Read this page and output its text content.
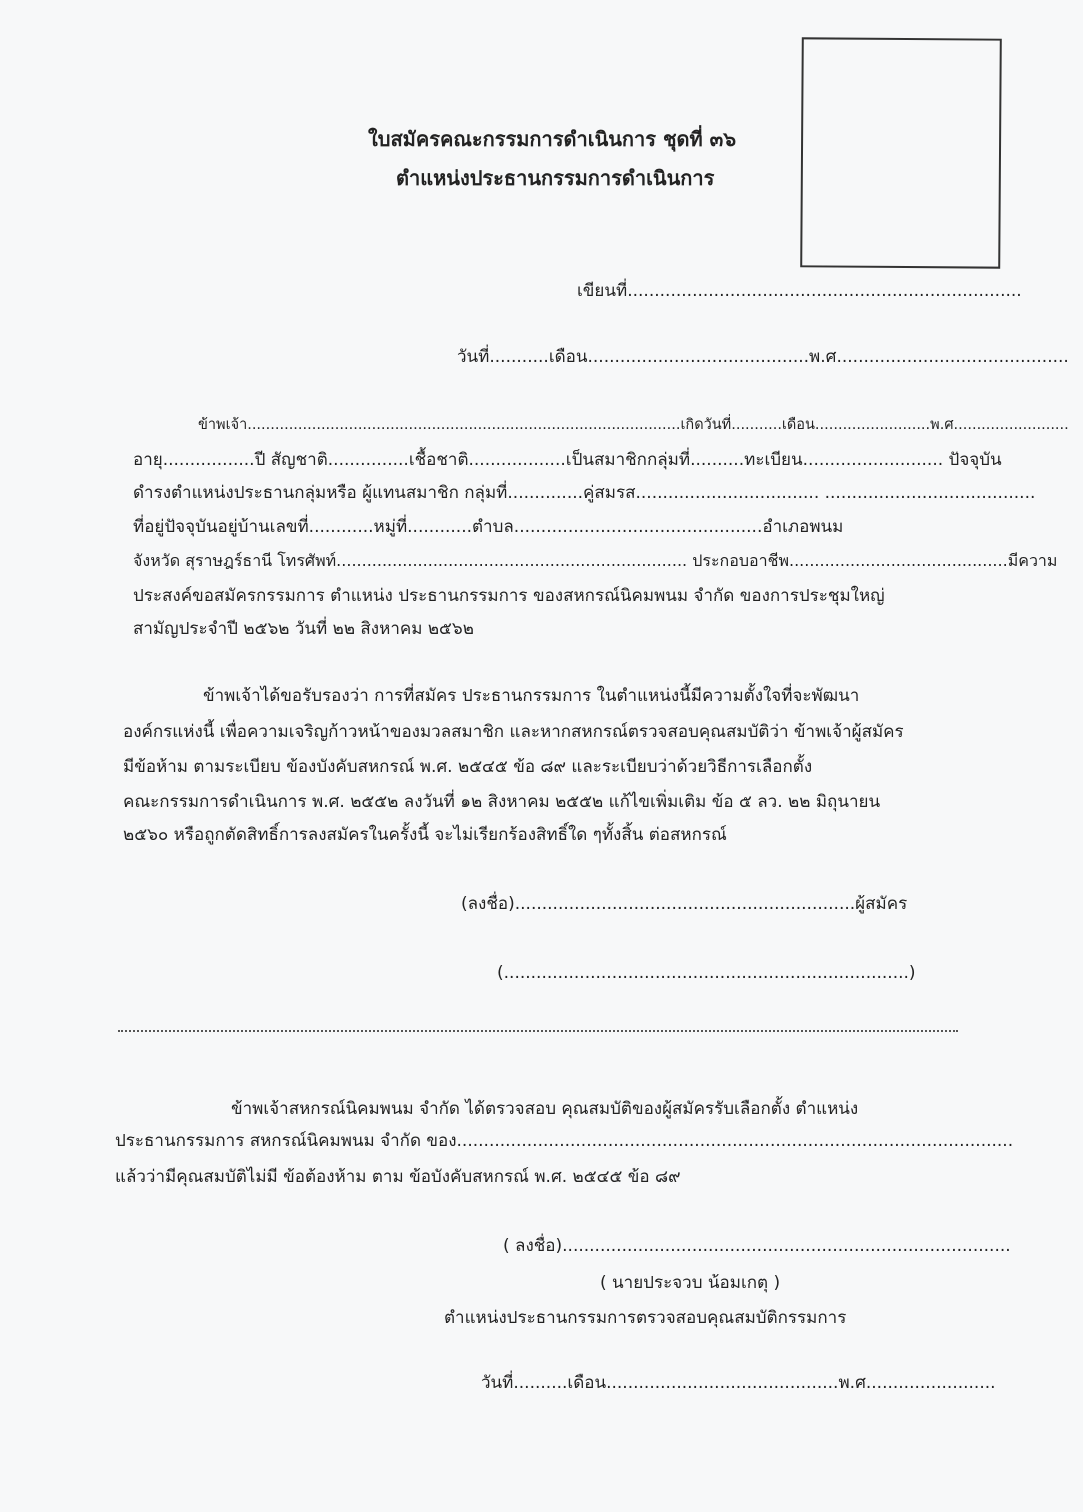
ใบสมัครคณะกรรมการดำเนินการ ชุดที่ ๓๖
ตำแหน่งประธานกรรมการดำเนินการ
เขียนที่.........................................................................
วันที่...........เดือน.........................................พ.ศ...........................................
ข้าพเจ้า..............................................................................................เกิดวันที่...........เดือน.........................พ.ศ.........................
อายุ.................ปี สัญชาติ...............เชื้อชาติ..................เป็นสมาชิกกลุ่มที่..........ทะเบียน.......................... ปัจจุบัน
ดำรงตำแหน่งประธานกลุ่มหรือ ผู้แทนสมาชิก กลุ่มที่..............คู่สมรส.................................. .......................................
ที่อยู่ปัจจุบันอยู่บ้านเลขที่............หมู่ที่............ตำบล..............................................อำเภอพนม
จังหวัด สุราษฎร์ธานี โทรศัพท์..................................................................... ประกอบอาชีพ...........................................มีความ
ประสงค์ขอสมัครกรรมการ ตำแหน่ง ประธานกรรมการ ของสหกรณ์นิคมพนม จำกัด ของการประชุมใหญ่
สามัญประจำปี ๒๕๖๒ วันที่ ๒๒ สิงหาคม ๒๕๖๒
ข้าพเจ้าได้ขอรับรองว่า การที่สมัคร ประธานกรรมการ ในตำแหน่งนี้มีความตั้งใจที่จะพัฒนา
องค์กรแห่งนี้ เพื่อความเจริญก้าวหน้าของมวลสมาชิก และหากสหกรณ์ตรวจสอบคุณสมบัติว่า ข้าพเจ้าผู้สมัคร
มีข้อห้าม ตามระเบียบ ข้องบังคับสหกรณ์ พ.ศ. ๒๕๔๕ ข้อ ๘๙ และระเบียบว่าด้วยวิธีการเลือกตั้ง
คณะกรรมการดำเนินการ พ.ศ. ๒๕๕๒ ลงวันที่ ๑๒ สิงหาคม ๒๕๕๒ แก้ไขเพิ่มเติม ข้อ ๕ ลว. ๒๒ มิถุนายน
๒๕๖๐ หรือถูกตัดสิทธิ์การลงสมัครในครั้งนี้ จะไม่เรียกร้องสิทธิ์ใด ๆทั้งสิ้น ต่อสหกรณ์
(ลงชื่อ)...............................................................ผู้สมัคร
(...........................................................................)
ข้าพเจ้าสหกรณ์นิคมพนม จำกัด ได้ตรวจสอบ คุณสมบัติของผู้สมัครรับเลือกตั้ง ตำแหน่ง
ประธานกรรมการ สหกรณ์นิคมพนม จำกัด ของ.......................................................................................................
แล้วว่ามีคุณสมบัติไม่มี ข้อต้องห้าม ตาม ข้อบังคับสหกรณ์ พ.ศ. ๒๕๔๕ ข้อ ๘๙
( ลงชื่อ)...................................................................................
( นายประจวบ น้อมเกตุ )
ตำแหน่งประธานกรรมการตรวจสอบคุณสมบัติกรรมการ
วันที่..........เดือน...........................................พ.ศ........................
